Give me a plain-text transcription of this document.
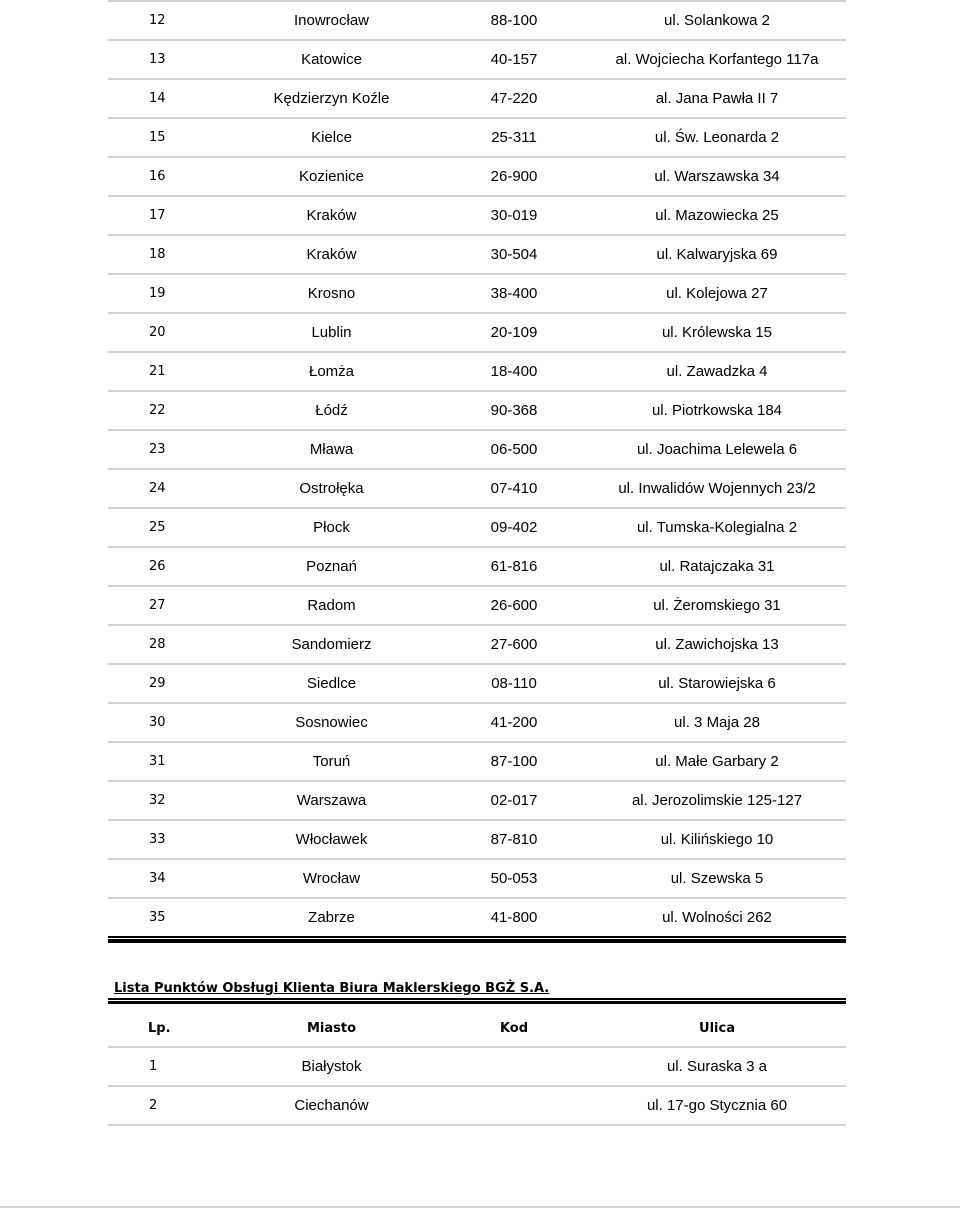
12	Inowrocław	88-100	ul. Solankowa 2
13	Katowice	40-157	al. Wojciecha Korfantego 117a
14	Kędzierzyn Koźle	47-220	al. Jana Pawła II 7
15	Kielce	25-311	ul. Św. Leonarda 2
16	Kozienice	26-900	ul. Warszawska 34
17	Kraków	30-019	ul. Mazowiecka 25
18	Kraków	30-504	ul. Kalwaryjska 69
19	Krosno	38-400	ul. Kolejowa 27
20	Lublin	20-109	ul. Królewska 15
21	Łomża	18-400	ul. Zawadzka 4
22	Łódź	90-368	ul. Piotrkowska 184
23	Mława	06-500	ul. Joachima Lelewela 6
24	Ostrołęka	07-410	ul. Inwalidów Wojennych 23/2
25	Płock	09-402	ul. Tumska-Kolegialna 2
26	Poznań	61-816	ul. Ratajczaka 31
27	Radom	26-600	ul. Żeromskiego 31
28	Sandomierz	27-600	ul. Zawichojska 13
29	Siedlce	08-110	ul. Starowiejska 6
30	Sosnowiec	41-200	ul. 3 Maja 28
31	Toruń	87-100	ul. Małe Garbary 2
32	Warszawa	02-017	al. Jerozolimskie 125-127
33	Włocławek	87-810	ul. Kilińskiego 10
34	Wrocław	50-053	ul. Szewska 5
35	Zabrze	41-800	ul. Wolności 262
Lista Punktów Obsługi Klienta Biura Maklerskiego BGŻ S.A.
Lp.	Miasto	Kod	Ulica
1	Białystok		ul. Suraska 3 a
2	Ciechanów		ul. 17-go Stycznia 60
